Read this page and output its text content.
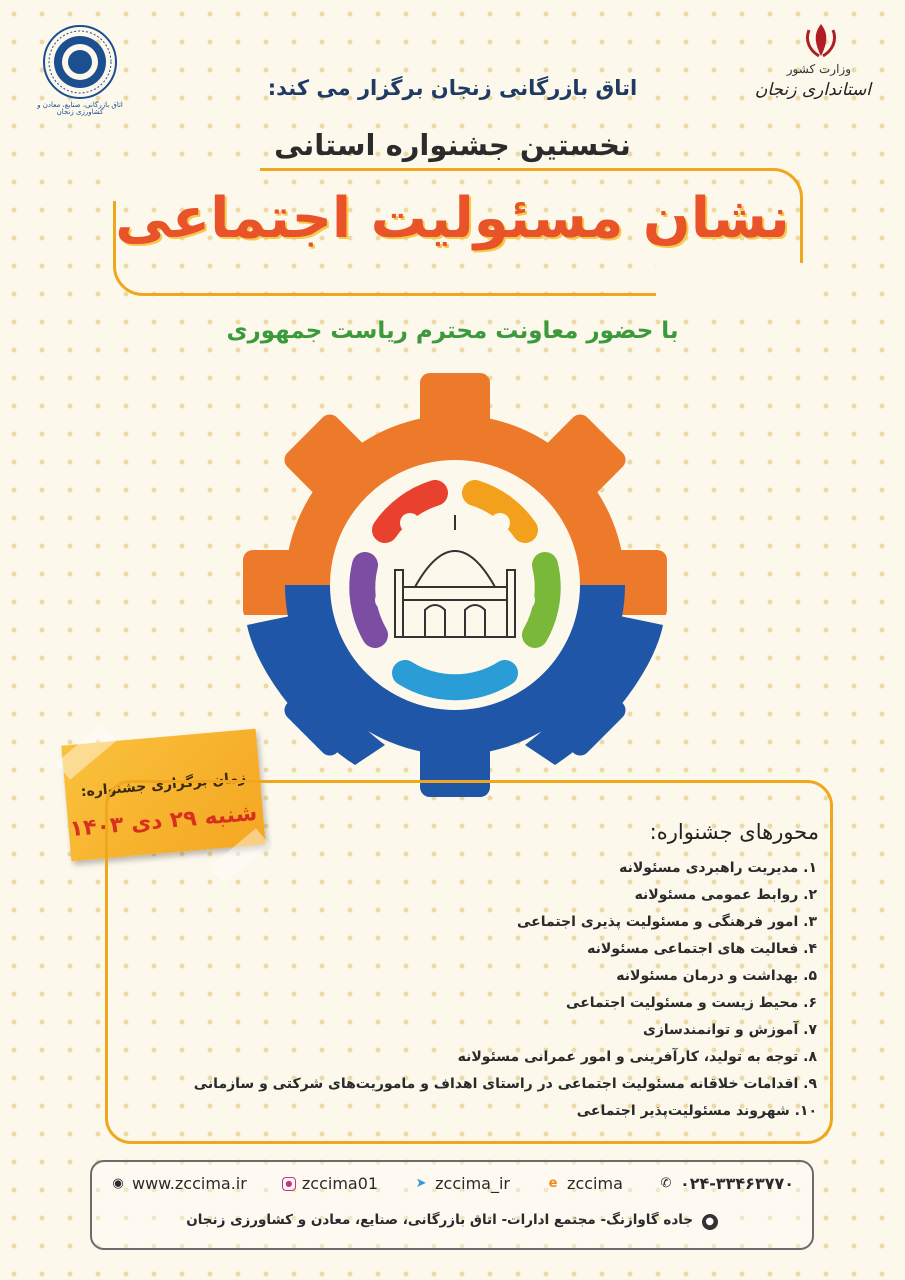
اتاق بازرگانی، صنایع، معادن و کشاورزی زنجان
وزارت کشور
استانداری زنجان
اتاق بازرگانی زنجان برگزار می کند:
نخستین جشنواره استانی
نشان مسئولیت اجتماعی
با حضور معاونت محترم ریاست جمهوری
زمان برگزاری جشنواره:
شنبه ۲۹ دی ۱۴۰۳
محورهای جشنواره:
۱. مدیریت راهبردی مسئولانه
۲. روابط عمومی مسئولانه
۳. امور فرهنگی و مسئولیت پذیری اجتماعی
۴. فعالیت های اجتماعی مسئولانه
۵. بهداشت و درمان مسئولانه
۶. محیط زیست و مسئولیت اجتماعی
۷. آموزش و توانمندسازی
۸. توجه به تولید، کارآفرینی و امور عمرانی مسئولانه
۹. اقدامات خلاقانه مسئولیت اجتماعی در راستای اهداف و ماموریت‌های شرکتی و سازمانی
۱۰. شهروند مسئولیت‌پذیر اجتماعی
◉ www.zccima.ir	● zccima01	➤ zccima_ir	e zccima	✆ ۰۲۴-۳۳۴۶۳۷۷۰
● جاده گاوازنگ- مجتمع ادارات- اتاق بازرگانی، صنایع، معادن و کشاورزی زنجان
